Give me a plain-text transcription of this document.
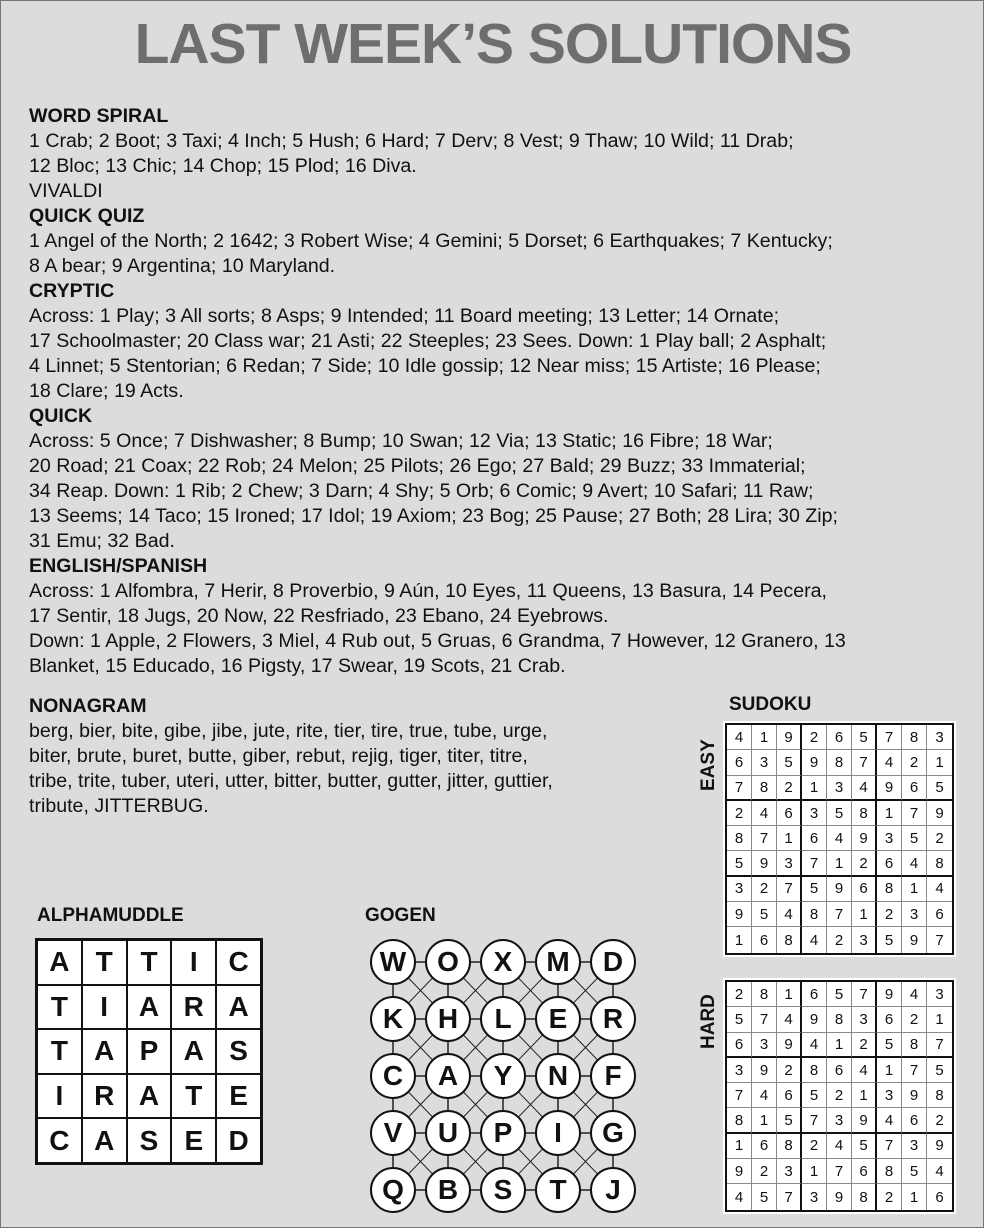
LAST WEEK’S SOLUTIONS
WORD SPIRAL
1 Crab; 2 Boot; 3 Taxi; 4 Inch; 5 Hush; 6 Hard; 7 Derv; 8 Vest; 9 Thaw; 10 Wild; 11 Drab;
12 Bloc; 13 Chic; 14 Chop; 15 Plod; 16 Diva.
VIVALDI
QUICK QUIZ
1 Angel of the North; 2 1642; 3 Robert Wise; 4 Gemini; 5 Dorset; 6 Earthquakes; 7 Kentucky;
8 A bear; 9 Argentina; 10 Maryland.
CRYPTIC
Across: 1 Play; 3 All sorts; 8 Asps; 9 Intended; 11 Board meeting; 13 Letter; 14 Ornate;
17 Schoolmaster; 20 Class war; 21 Asti; 22 Steeples; 23 Sees. Down: 1 Play ball; 2 Asphalt;
4 Linnet; 5 Stentorian; 6 Redan; 7 Side; 10 Idle gossip; 12 Near miss; 15 Artiste; 16 Please;
18 Clare; 19 Acts.
QUICK
Across: 5 Once; 7 Dishwasher; 8 Bump; 10 Swan; 12 Via; 13 Static; 16 Fibre; 18 War;
20 Road; 21 Coax; 22 Rob; 24 Melon; 25 Pilots; 26 Ego; 27 Bald; 29 Buzz; 33 Immaterial;
34 Reap. Down: 1 Rib; 2 Chew; 3 Darn; 4 Shy; 5 Orb; 6 Comic; 9 Avert; 10 Safari; 11 Raw;
13 Seems; 14 Taco; 15 Ironed; 17 Idol; 19 Axiom; 23 Bog; 25 Pause; 27 Both; 28 Lira; 30 Zip;
31 Emu; 32 Bad.
ENGLISH/SPANISH
Across: 1 Alfombra, 7 Herir, 8 Proverbio, 9 Aún, 10 Eyes, 11 Queens, 13 Basura, 14 Pecera,
17 Sentir, 18 Jugs, 20 Now, 22 Resfriado, 23 Ebano, 24 Eyebrows.
Down: 1 Apple, 2 Flowers, 3 Miel, 4 Rub out, 5 Gruas, 6 Grandma, 7 However, 12 Granero, 13
Blanket, 15 Educado, 16 Pigsty, 17 Swear, 19 Scots, 21 Crab.
NONAGRAM
berg, bier, bite, gibe, jibe, jute, rite, tier, tire, true, tube, urge,
biter, brute, buret, butte, giber, rebut, rejig, tiger, titer, titre,
tribe, trite, tuber, uteri, utter, bitter, butter, gutter, jitter, guttier,
tribute, JITTERBUG.
ALPHAMUDDLE
A T T	I	C
T	I	A R A
T A P A S
I	R A T E
C A S E D
GOGEN
W	O	X	M	D
K	H	L	E	R
C	A	Y	N	F
V	U	P	I	G
Q	B	S	T	J
SUDOKU
EASY
4	1	9	2	6	5	7	8	3
6	3	5	9	8	7	4	2	1
7	8	2	1	3	4	9	6	5
2	4	6	3	5	8	1	7	9
8	7	1	6	4	9	3	5	2
5	9	3	7	1	2	6	4	8
3	2	7	5	9	6	8	1	4
9	5	4	8	7	1	2	3	6
1	6	8	4	2	3	5	9	7
HARD	2	8	1	6	5	7	9	4	3
5	7	4	9	8	3	6	2	1
6	3	9	4	1	2	5	8	7
3	9	2	8	6	4	1	7	5
7	4	6	5	2	1	3	9	8
8	1	5	7	3	9	4	6	2
1	6	8	2	4	5	7	3	9
9	2	3	1	7	6	8	5	4
4	5	7	3	9	8	2	1	6
